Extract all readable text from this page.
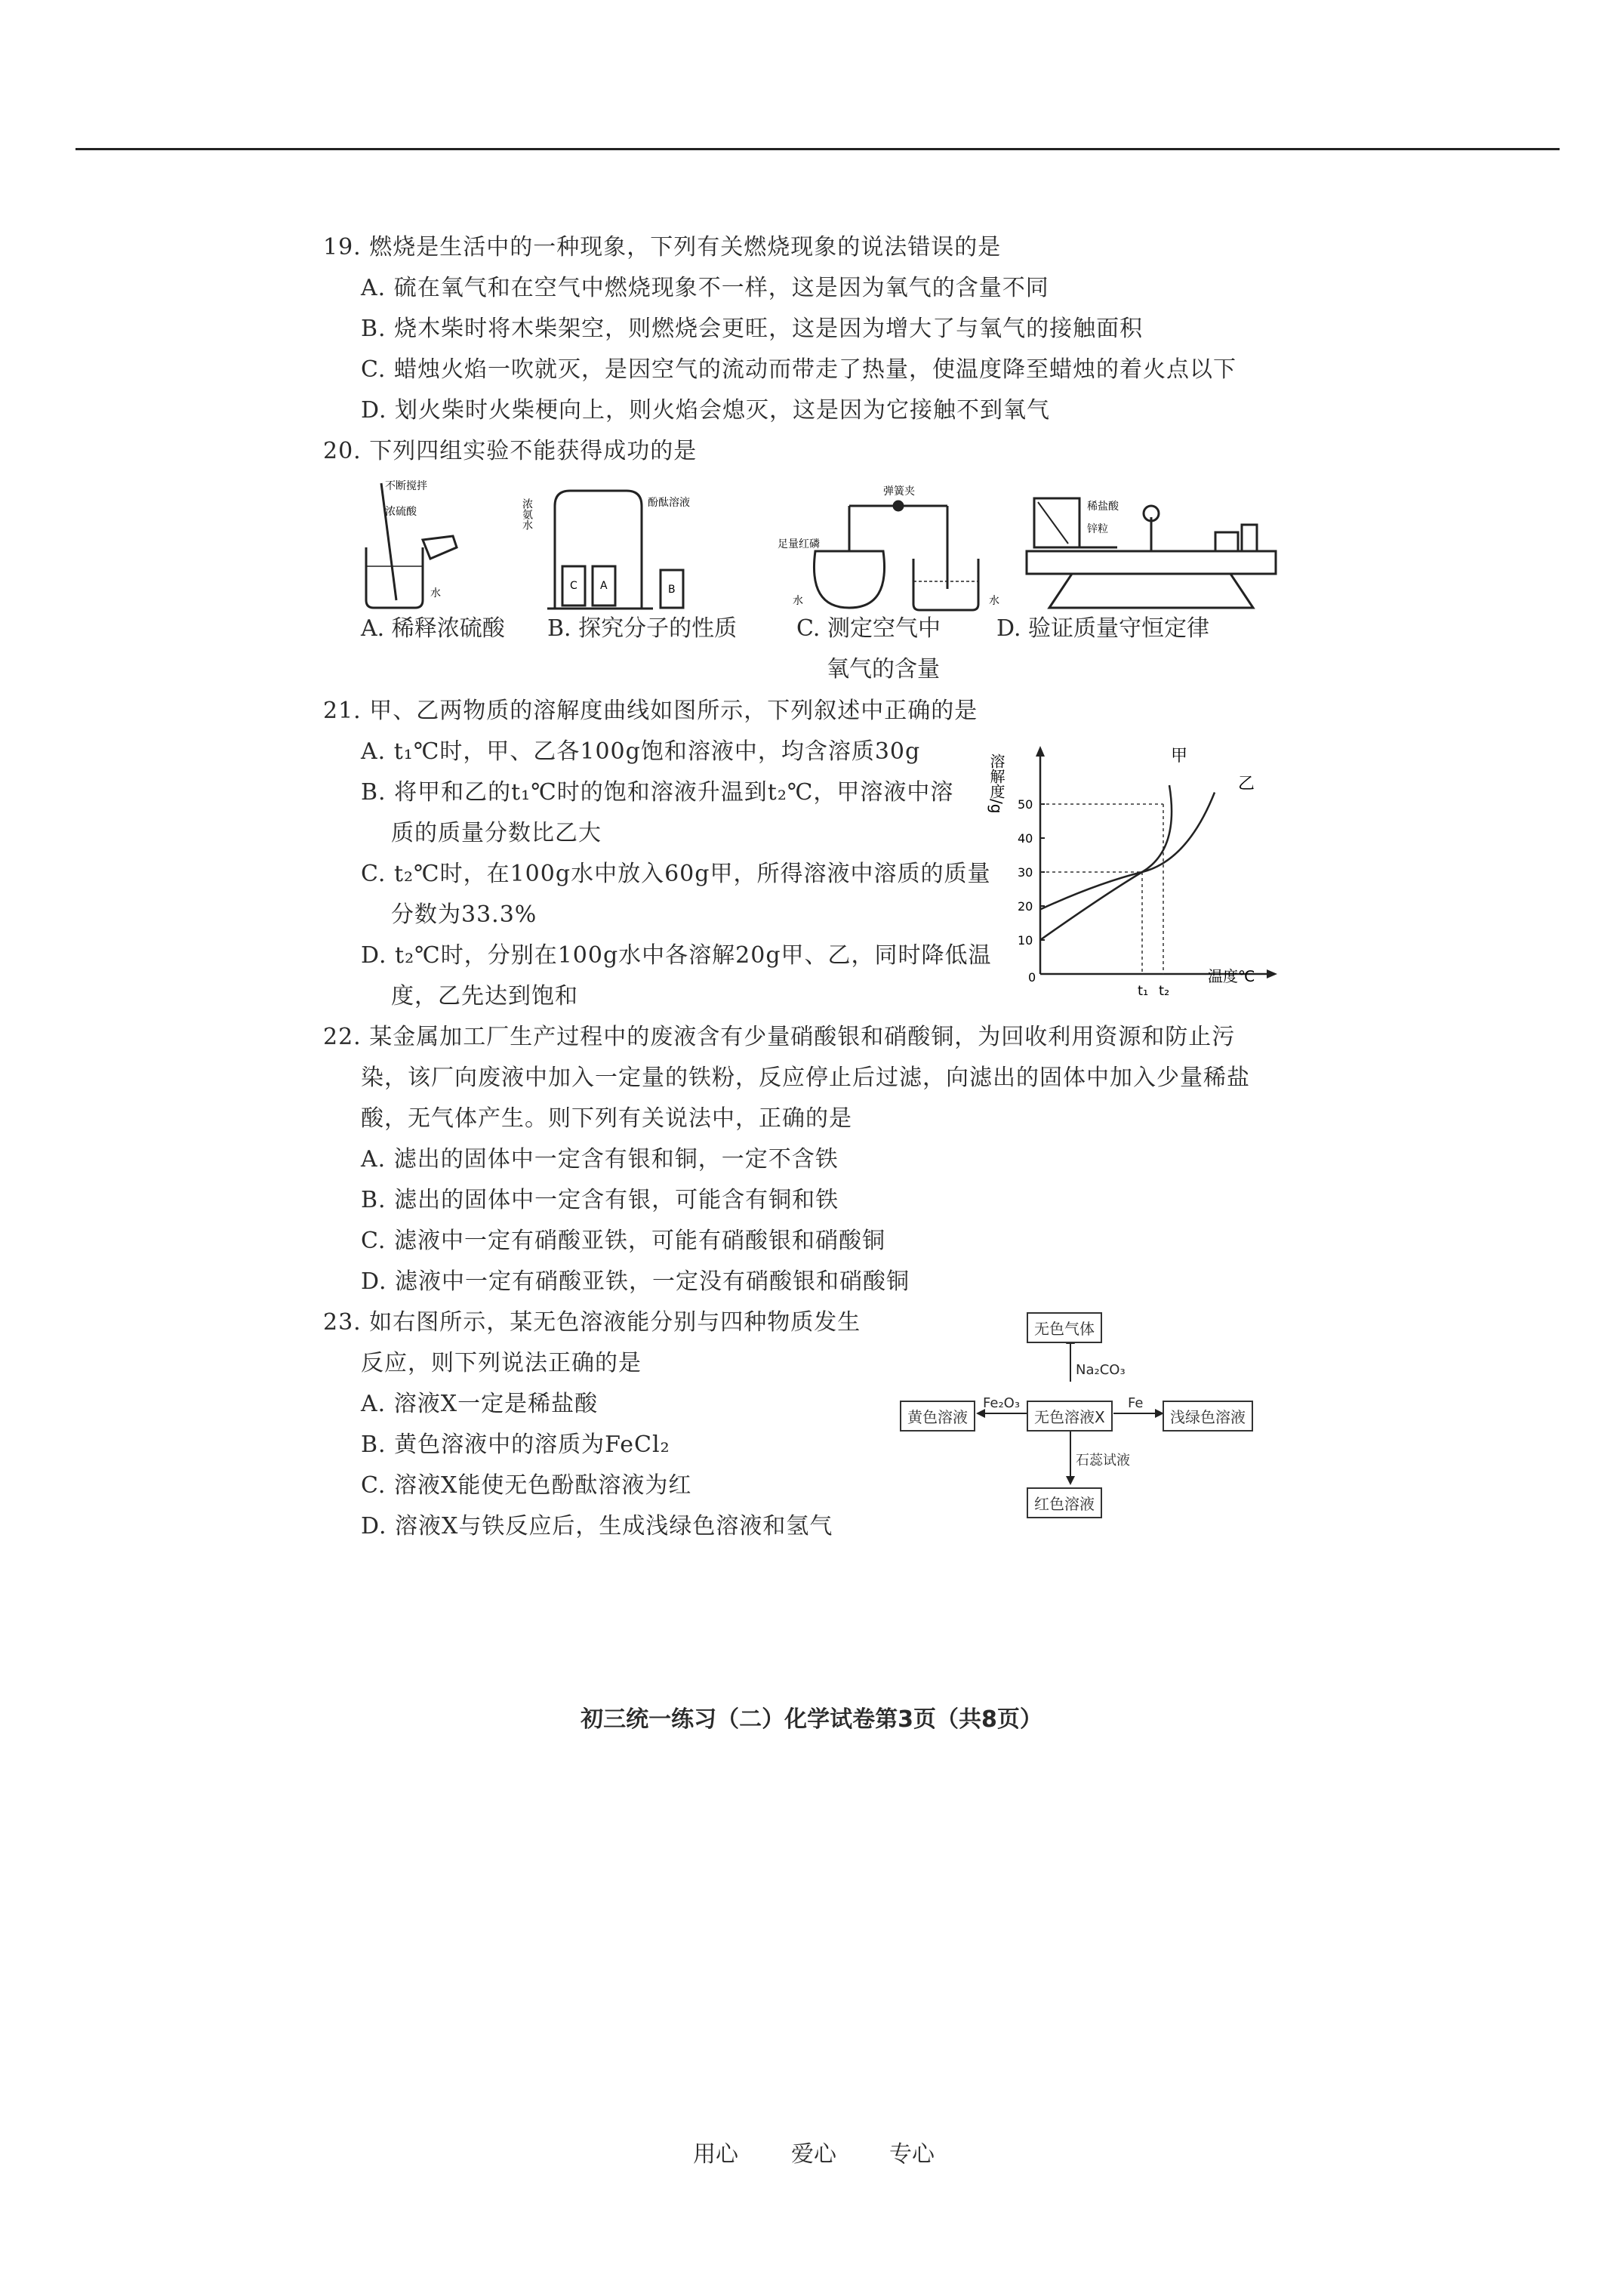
19. 燃烧是生活中的一种现象，下列有关燃烧现象的说法错误的是
A. 硫在氧气和在空气中燃烧现象不一样，这是因为氧气的含量不同
B. 烧木柴时将木柴架空，则燃烧会更旺，这是因为增大了与氧气的接触面积
C. 蜡烛火焰一吹就灭，是因空气的流动而带走了热量，使温度降至蜡烛的着火点以下
D. 划火柴时火柴梗向上，则火焰会熄灭，这是因为它接触不到氧气
20. 下列四组实验不能获得成功的是
不断搅拌
浓硫酸
水
浓氨水	酚酞溶液
C A	B
弹簧夹
足量红磷
水	水
稀盐酸
锌粒
A. 稀释浓硫酸 B. 探究分子的性质	C. 测定空气中
氧气的含量
D. 验证质量守恒定律
21. 甲、乙两物质的溶解度曲线如图所示，下列叙述中正确的是
A. t₁℃时，甲、乙各100g饱和溶液中，均含溶质30g
B. 将甲和乙的t₁℃时的饱和溶液升温到t₂℃，甲溶液中溶
质的质量分数比乙大
C. t₂℃时，在100g水中放入60g甲，所得溶液中溶质的质量
分数为33.3%
D. t₂℃时，分别在100g水中各溶解20g甲、乙，同时降低温
度，乙先达到饱和
溶解度/g
温度℃
0
10
20
30
40
50
t₁ t₂
甲
乙
22. 某金属加工厂生产过程中的废液含有少量硝酸银和硝酸铜，为回收利用资源和防止污
染，该厂向废液中加入一定量的铁粉，反应停止后过滤，向滤出的固体中加入少量稀盐
酸，无气体产生。则下列有关说法中，正确的是
A. 滤出的固体中一定含有银和铜，一定不含铁
B. 滤出的固体中一定含有银，可能含有铜和铁
C. 滤液中一定有硝酸亚铁，可能有硝酸银和硝酸铜
D. 滤液中一定有硝酸亚铁，一定没有硝酸银和硝酸铜
23. 如右图所示，某无色溶液能分别与四种物质发生
反应，则下列说法正确的是
A. 溶液X一定是稀盐酸
B. 黄色溶液中的溶质为FeCl₂
C. 溶液X能使无色酚酞溶液为红
D. 溶液X与铁反应后，生成浅绿色溶液和氢气
无色气体
Na₂CO₃
无色溶液X
黄色溶液
Fe₂O₃
浅绿色溶液
Fe
石蕊试液
红色溶液
初三统一练习（二）化学试卷第3页（共8页）
用心 爱心 专心
